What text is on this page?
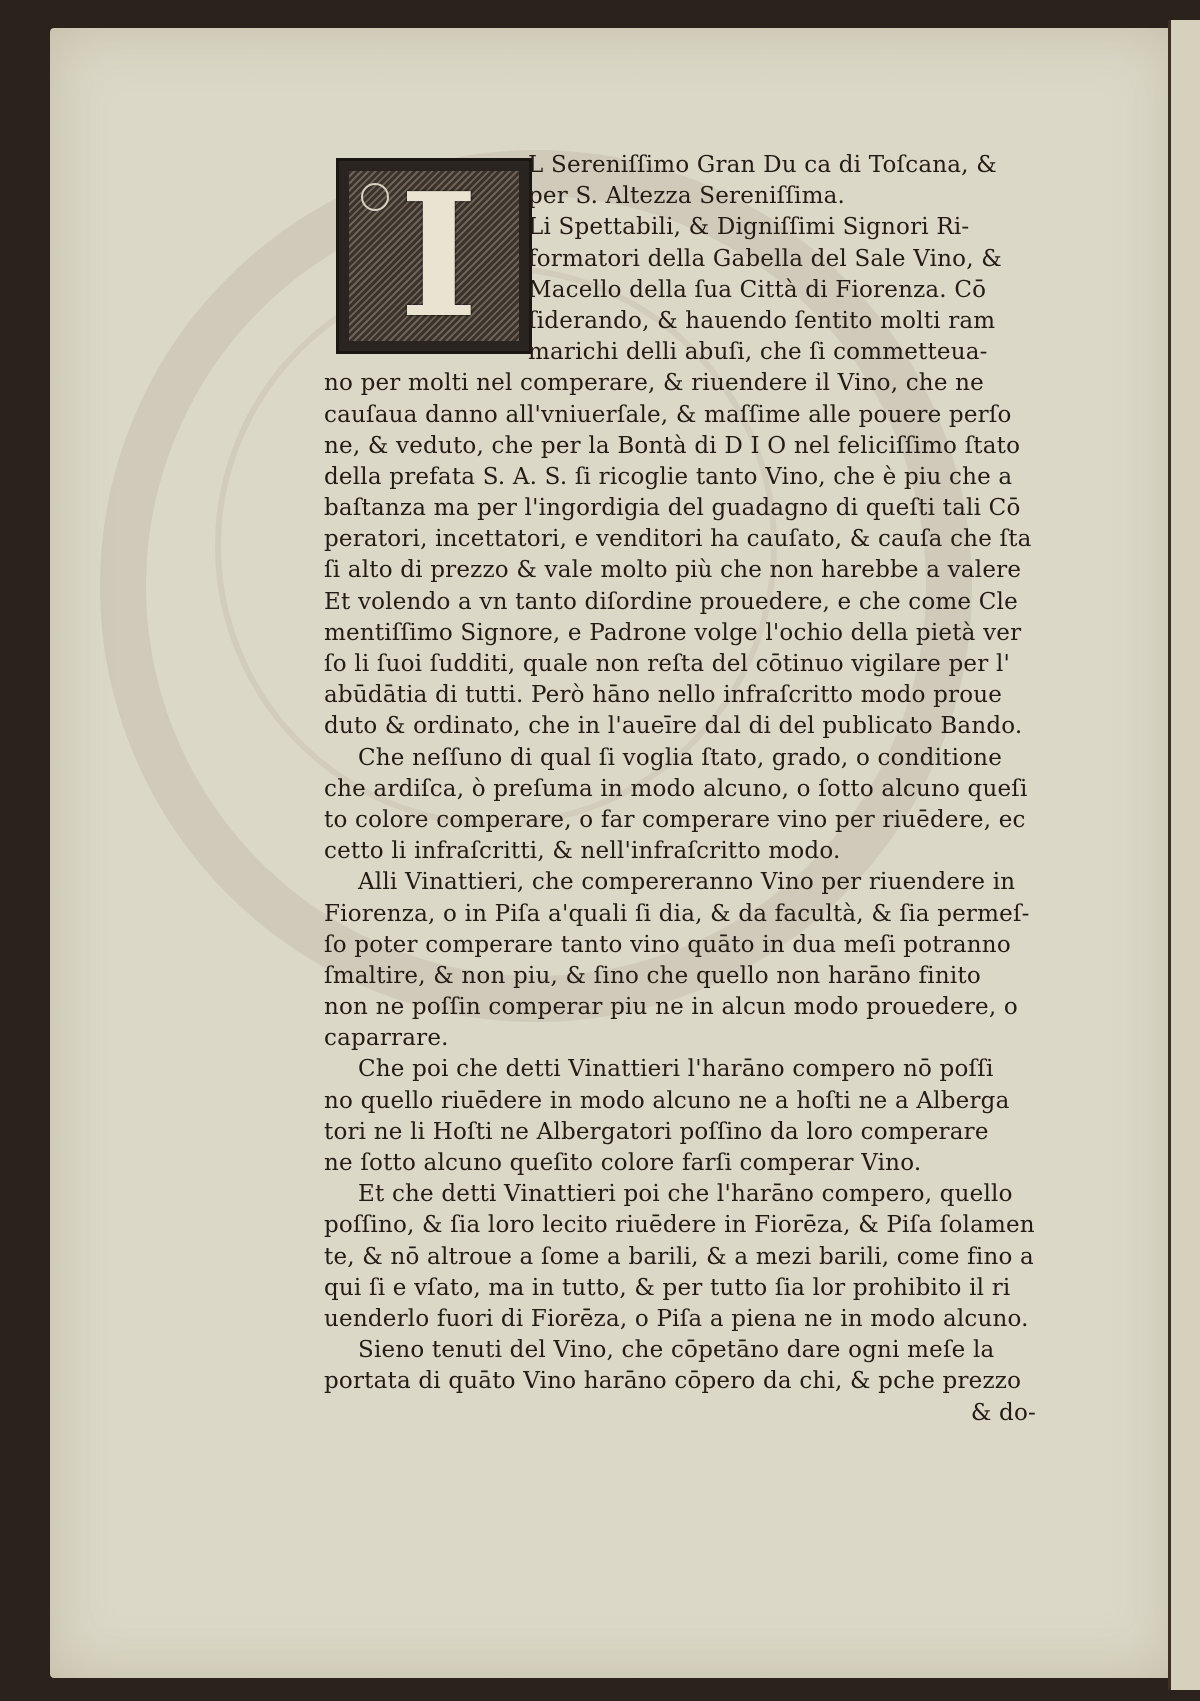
I	L Sereniſſimo Gran Du ca di Toſcana, &
per S. Altezza Sereniſſima.
Li Spettabili, & Digniſſimi Signori Ri-
formatori della Gabella del Sale Vino, &
Macello della ſua Città di Fiorenza. Cō
ſiderando, & hauendo ſentito molti ram
marichi delli abuſi, che ſi commetteua-
no per molti nel comperare, & riuendere il Vino, che ne
cauſaua danno all'vniuerſale, & maſſime alle pouere perſo
ne, & veduto, che per la Bontà di D I O nel feliciſſimo ſtato
della prefata S. A. S. ſi ricoglie tanto Vino, che è piu che a
baſtanza ma per l'ingordigia del guadagno di queſti tali Cō
peratori, incettatori, e venditori ha cauſato, & cauſa che ſta
ſi alto di prezzo & vale molto più che non harebbe a valere
Et volendo a vn tanto diſordine prouedere, e che come Cle
mentiſſimo Signore, e Padrone volge l'ochio della pietà ver
ſo li ſuoi ſudditi, quale non reſta del cōtinuo vigilare per l'
abūdātia di tutti. Però hāno nello infraſcritto modo proue
duto & ordinato, che in l'aueīre dal di del publicato Bando.
Che neſſuno di qual ſi voglia ſtato, grado, o conditione
che ardiſca, ò preſuma in modo alcuno, o ſotto alcuno queſi
to colore comperare, o far comperare vino per riuēdere, ec
cetto li infraſcritti, & nell'infraſcritto modo.
Alli Vinattieri, che compereranno Vino per riuendere in
Fiorenza, o in Piſa a'quali ſi dia, & da facultà, & ſia permeſ-
ſo poter comperare tanto vino quāto in dua meſi potranno
ſmaltire, & non piu, & ſino che quello non harāno finito
non ne poſſin comperar piu ne in alcun modo prouedere, o
caparrare.
Che poi che detti Vinattieri l'harāno compero nō poſſi
no quello riuēdere in modo alcuno ne a hoſti ne a Alberga
tori ne li Hoſti ne Albergatori poſſino da loro comperare
ne ſotto alcuno queſito colore farſi comperar Vino.
Et che detti Vinattieri poi che l'harāno compero, quello
poſſino, & ſia loro lecito riuēdere in Fiorēza, & Piſa ſolamen
te, & nō altroue a ſome a barili, & a mezi barili, come fino a
qui ſi e vſato, ma in tutto, & per tutto ſia lor prohibito il ri
uenderlo fuori di Fiorēza, o Piſa a piena ne in modo alcuno.
Sieno tenuti del Vino, che cōpetāno dare ogni meſe la
portata di quāto Vino harāno cōpero da chi, & pche prezzo
& do-
